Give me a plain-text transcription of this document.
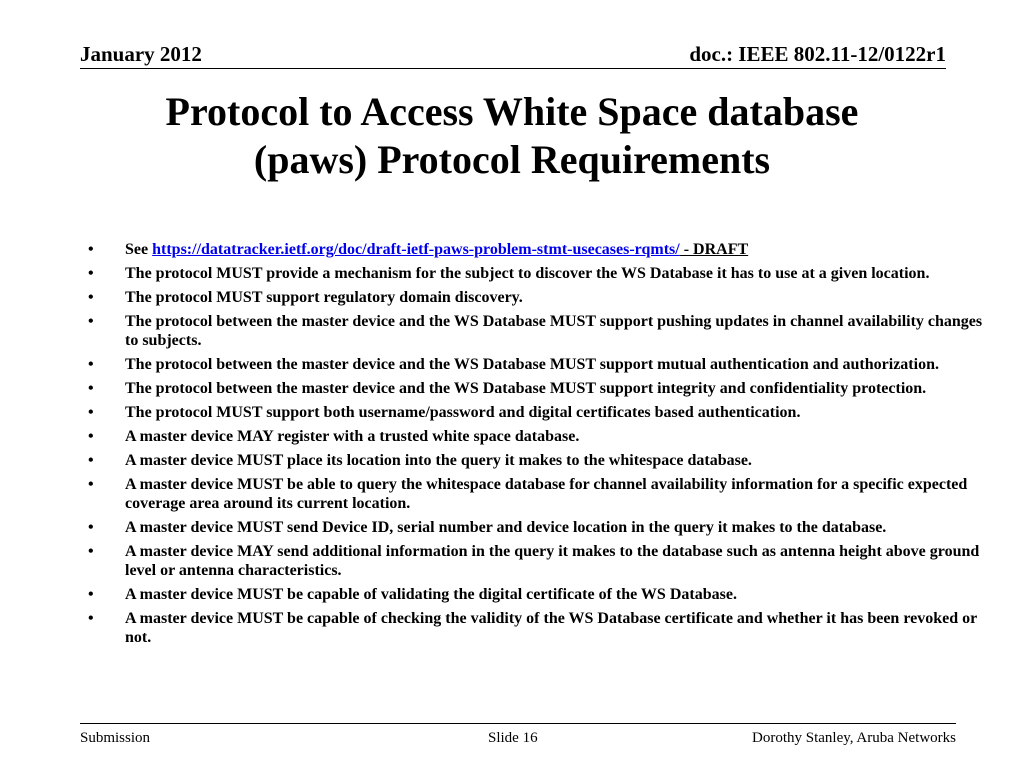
January 2012	doc.: IEEE 802.11-12/0122r1
Protocol to Access White Space database
(paws) Protocol Requirements
• See https://datatracker.ietf.org/doc/draft-ietf-paws-problem-stmt-usecases-rqmts/ - DRAFT
• The protocol MUST provide a mechanism for the subject to discover the WS Database it has to use at a given location.
• The protocol MUST support regulatory domain discovery.
• The protocol between the master device and the WS Database MUST support pushing updates in channel availability changes to subjects.
• The protocol between the master device and the WS Database MUST support mutual authentication and authorization.
• The protocol between the master device and the WS Database MUST support integrity and confidentiality protection.
• The protocol MUST support both username/password and digital certificates based authentication.
• A master device MAY register with a trusted white space database.
• A master device MUST place its location into the query it makes to the whitespace database.
• A master device MUST be able to query the whitespace database for channel availability information for a specific expected coverage area around its current location.
• A master device MUST send Device ID, serial number and device location in the query it makes to the database.
• A master device MAY send additional information in the query it makes to the database such as antenna height above ground level or antenna characteristics.
• A master device MUST be capable of validating the digital certificate of the WS Database.
• A master device MUST be capable of checking the validity of the WS Database certificate and whether it has been revoked or not.
Submission	Slide 16	Dorothy Stanley, Aruba Networks
